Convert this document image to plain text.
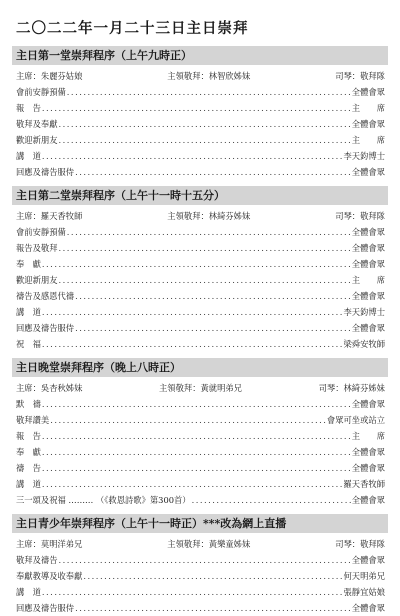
二〇二二年一月二十三日主日崇拜
主日第一堂崇拜程序（上午九時正）
主席：朱麗芬姑娘	主領敬拜：林智欣姊妹	司琴：敬拜隊
會前安靜預備 .....	全體會眾
報　告 .....	主　　席
敬拜及奉獻 .....	全體會眾
歡迎新朋友 .....	主　　席
講　道 .....	李天鈞博士
回應及禱告服侍 .....	全體會眾
主日第二堂崇拜程序（上午十一時十五分）
主席：羅天香牧師	主領敬拜：林綺芬姊妹	司琴：敬拜隊
會前安靜預備 .....	全體會眾
報告及敬拜 .....	全體會眾
奉　獻 .....	全體會眾
歡迎新朋友 .....	主　　席
禱告及感恩代禱 .....	全體會眾
講　道 .....	李天鈞博士
回應及禱告服侍 .....	全體會眾
祝　福 .....	梁舜安牧師
主日晚堂崇拜程序（晚上八時正）
主席：吳杏秋姊妹	主領敬拜：黃就明弟兄	司琴：林綺芬姊妹
默　禱 .....	全體會眾
敬拜讚美 .....	會眾可坐或站立
報　告 .....	主　　席
奉　獻 .....	全體會眾
禱　告 .....	全體會眾
講　道 .....	羅天香牧師
三一頌及祝福 ……… （《救恩詩歌》第300首） .....	全體會眾
主日青少年崇拜程序（上午十一時正）***改為網上直播
主席：莫明洋弟兄	主領敬拜：黃樂童姊妹	司琴：敬拜隊
敬拜及禱告 .....	全體會眾
奉獻教導及收奉獻 .....	何天明弟兄
講　道 .....	張靜宜姑娘
回應及禱告服侍 .....	全體會眾
